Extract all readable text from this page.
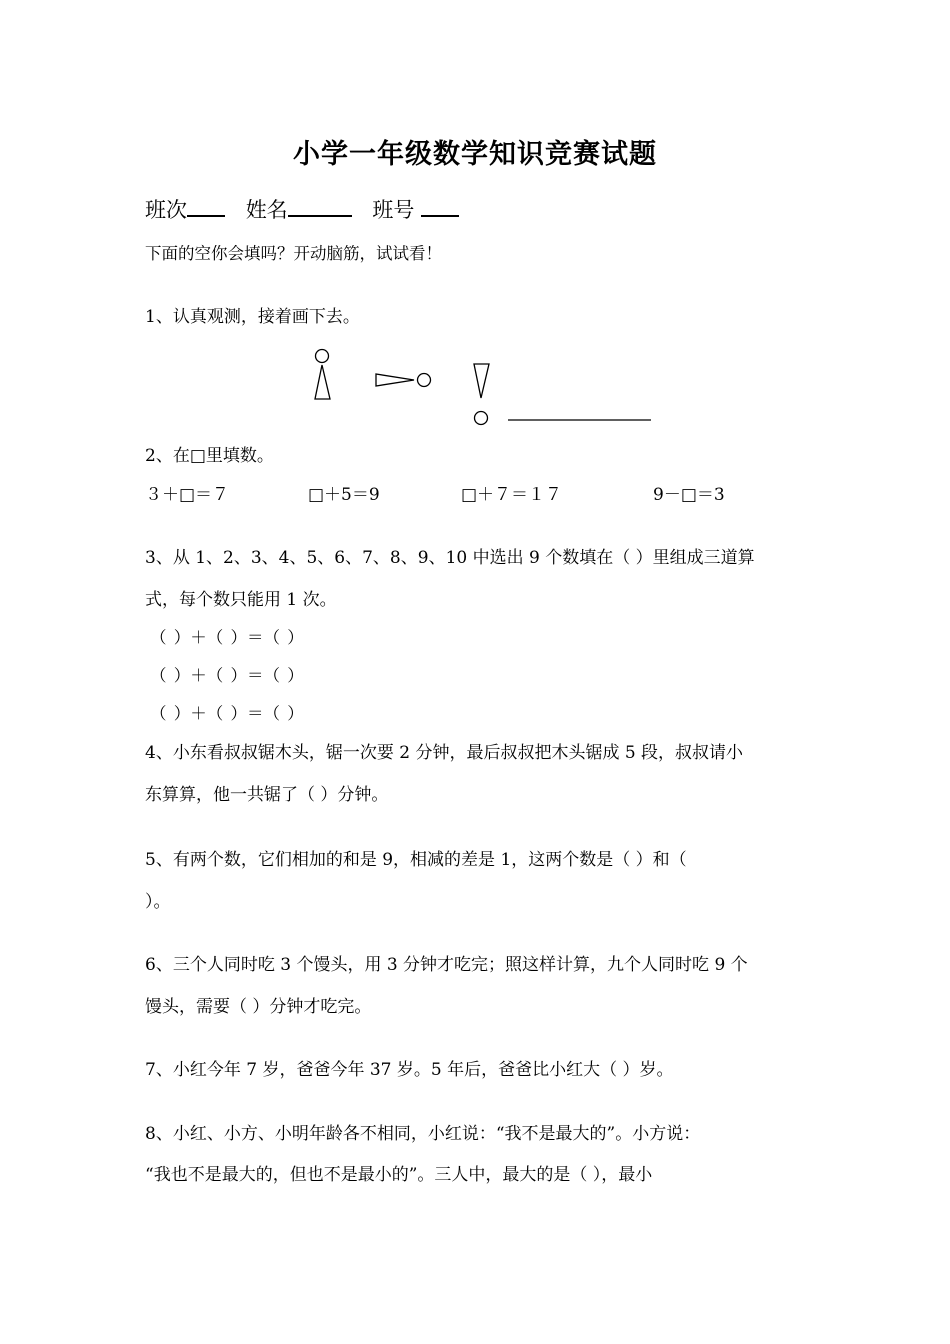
小学一年级数学知识竞赛试题
班次	姓名	班号
下面的空你会填吗？开动脑筋，试试看！
1、认真观测，接着画下去。
2、在□里填数。
３＋□＝７	□＋5＝9	□＋７＝１７	9－□＝3
3、从 1、2、3、4、5、6、7、8、9、10 中选出 9 个数填在（ ）里组成三道算
式，每个数只能用 1 次。
（ ）＋（ ）＝（ ）
（ ）＋（ ）＝（ ）
（ ）＋（ ）＝（ ）
4、小东看叔叔锯木头，锯一次要 2 分钟，最后叔叔把木头锯成 5 段，叔叔请小
东算算，他一共锯了（ ）分钟。
5、有两个数，它们相加的和是 9，相减的差是 1，这两个数是（ ）和（
）。
6、三个人同时吃 3 个馒头，用 3 分钟才吃完；照这样计算，九个人同时吃 9 个
馒头，需要（ ）分钟才吃完。
7、小红今年 7 岁，爸爸今年 37 岁。5 年后，爸爸比小红大（ ）岁。
8、小红、小方、小明年龄各不相同，小红说：“我不是最大的”。小方说：
“我也不是最大的，但也不是最小的”。三人中，最大的是（ ），最小
